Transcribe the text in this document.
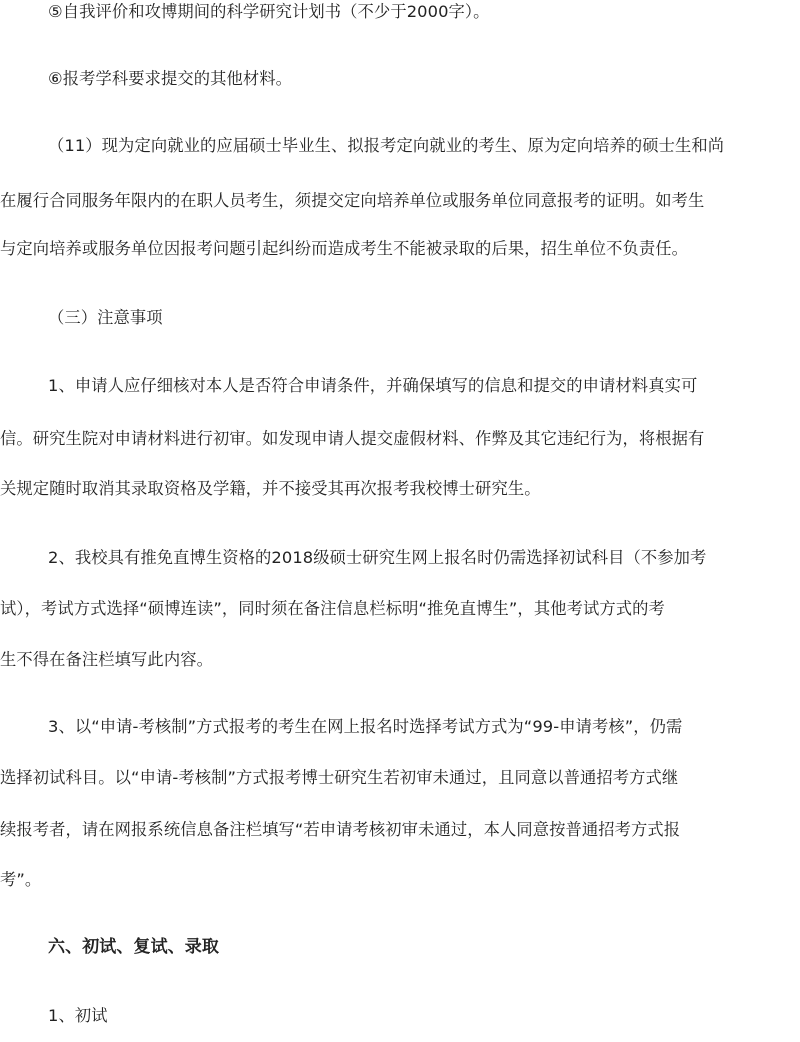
⑤自我评价和攻博期间的科学研究计划书（不少于2000字）。
⑥报考学科要求提交的其他材料。
（11）现为定向就业的应届硕士毕业生、拟报考定向就业的考生、原为定向培养的硕士生和尚
在履行合同服务年限内的在职人员考生，须提交定向培养单位或服务单位同意报考的证明。如考生
与定向培养或服务单位因报考问题引起纠纷而造成考生不能被录取的后果，招生单位不负责任。
（三）注意事项
1、申请人应仔细核对本人是否符合申请条件，并确保填写的信息和提交的申请材料真实可
信。研究生院对申请材料进行初审。如发现申请人提交虚假材料、作弊及其它违纪行为，将根据有
关规定随时取消其录取资格及学籍，并不接受其再次报考我校博士研究生。
2、我校具有推免直博生资格的2018级硕士研究生网上报名时仍需选择初试科目（不参加考
试），考试方式选择“硕博连读”，同时须在备注信息栏标明“推免直博生”，其他考试方式的考
生不得在备注栏填写此内容。
3、以“申请-考核制”方式报考的考生在网上报名时选择考试方式为“99-申请考核”，仍需
选择初试科目。以“申请-考核制”方式报考博士研究生若初审未通过，且同意以普通招考方式继
续报考者，请在网报系统信息备注栏填写“若申请考核初审未通过，本人同意按普通招考方式报
考”。
六、初试、复试、录取
1、初试
